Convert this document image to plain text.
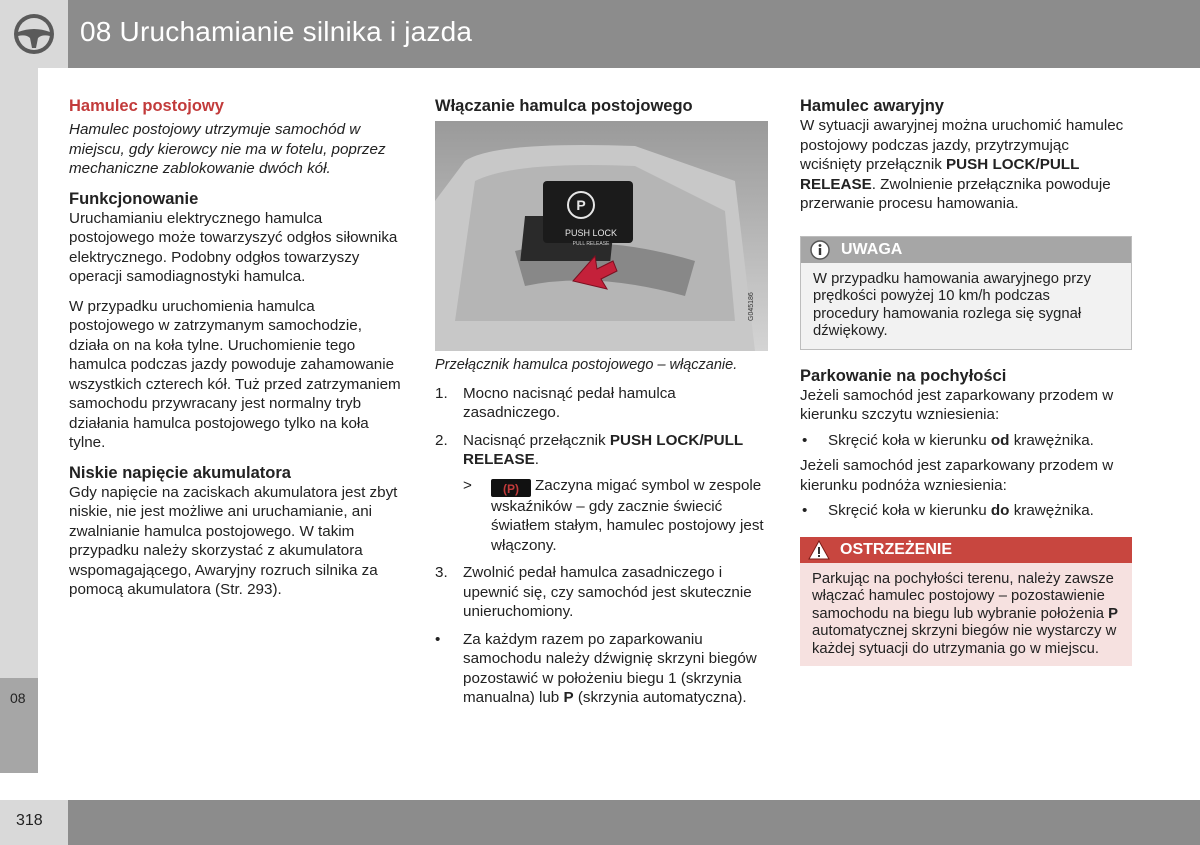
08 Uruchamianie silnika i jazda
08
318
Hamulec postojowy

Hamulec postojowy utrzymuje samochód w miejscu, gdy kierowcy nie ma w fotelu, poprzez mechaniczne zablokowanie dwóch kół.

Funkcjonowanie

Uruchamianiu elektrycznego hamulca postojowego może towarzyszyć odgłos siłownika elektrycznego. Podobny odgłos towarzyszy operacji samodiagnostyki hamulca.

W przypadku uruchomienia hamulca postojowego w zatrzymanym samochodzie, działa on na koła tylne. Uruchomienie tego hamulca podczas jazdy powoduje zahamowanie wszystkich czterech kół. Tuż przed zatrzymaniem samochodu przywracany jest normalny tryb działania hamulca postojowego tylko na koła tylne.

Niskie napięcie akumulatora

Gdy napięcie na zaciskach akumulatora jest zbyt niskie, nie jest możliwe ani uruchamianie, ani zwalnianie hamulca postojowego. W takim przypadku należy skorzystać z akumulatora wspomagającego, Awaryjny rozruch silnika za pomocą akumulatora (Str. 293).

Włączanie hamulca postojowego
P
PUSH LOCK
PULL RELEASE
G045186
Przełącznik hamulca postojowego – włączanie.
1. Mocno nacisnąć pedał hamulca zasadniczego.
2. Nacisnąć przełącznik PUSH LOCK/PULL RELEASE.
>	(P) Zaczyna migać symbol w zespole wskaźników – gdy zacznie świecić światłem stałym, hamulec postojowy jest włączony.
3. Zwolnić pedał hamulca zasadniczego i upewnić się, czy samochód jest skutecznie unieruchomiony.
• Za każdym razem po zaparkowaniu samochodu należy dźwignię skrzyni biegów pozostawić w położeniu biegu 1 (skrzynia manualna) lub P (skrzynia automatyczna).
Hamulec awaryjny

W sytuacji awaryjnej można uruchomić hamulec postojowy podczas jazdy, przytrzymując wciśnięty przełącznik PUSH LOCK/PULL RELEASE. Zwolnienie przełącznika powoduje przerwanie procesu hamowania.

UWAGA
W przypadku hamowania awaryjnego przy prędkości powyżej 10 km/h podczas procedury hamowania rozlega się sygnał dźwiękowy.
Parkowanie na pochyłości

Jeżeli samochód jest zaparkowany przodem w kierunku szczytu wzniesienia:

• Skręcić koła w kierunku od krawężnika.

Jeżeli samochód jest zaparkowany przodem w kierunku podnóża wzniesienia:

• Skręcić koła w kierunku do krawężnika.
OSTRZEŻENIE
Parkując na pochyłości terenu, należy zawsze włączać hamulec postojowy – pozostawienie samochodu na biegu lub wybranie położenia P automatycznej skrzyni biegów nie wystarczy w każdej sytuacji do utrzymania go w miejscu.
